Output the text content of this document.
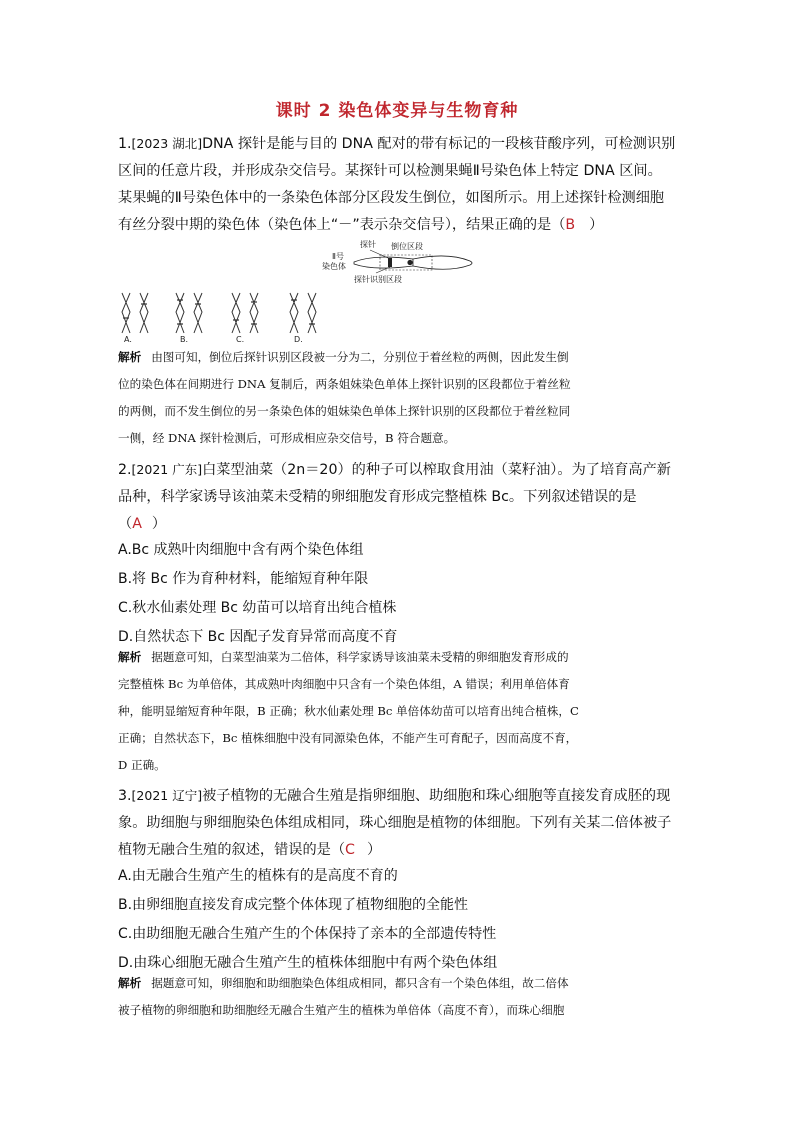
课时 2 染色体变异与生物育种
1.[2023 湖北]DNA 探针是能与目的 DNA 配对的带有标记的一段核苷酸序列，可检测识别
区间的任意片段，并形成杂交信号。某探针可以检测果蝇Ⅱ号染色体上特定 DNA 区间。
某果蝇的Ⅱ号染色体中的一条染色体部分区段发生倒位，如图所示。用上述探针检测细胞
有丝分裂中期的染色体（染色体上“－”表示杂交信号），结果正确的是（B ）
Ⅱ号
染色体
探针 倒位区段
探针识别区段
A.	B.	C.	D.
解析 由图可知，倒位后探针识别区段被一分为二，分别位于着丝粒的两侧，因此发生倒
位的染色体在间期进行 DNA 复制后，两条姐妹染色单体上探针识别的区段都位于着丝粒
的两侧，而不发生倒位的另一条染色体的姐妹染色单体上探针识别的区段都位于着丝粒同
一侧，经 DNA 探针检测后，可形成相应杂交信号，B 符合题意。
2.[2021 广东]白菜型油菜（2n＝20）的种子可以榨取食用油（菜籽油）。为了培育高产新
品种，科学家诱导该油菜未受精的卵细胞发育形成完整植株 Bc。下列叙述错误的是
（A ）
A.Bc 成熟叶肉细胞中含有两个染色体组
B.将 Bc 作为育种材料，能缩短育种年限
C.秋水仙素处理 Bc 幼苗可以培育出纯合植株
D.自然状态下 Bc 因配子发育异常而高度不育
解析 据题意可知，白菜型油菜为二倍体，科学家诱导该油菜未受精的卵细胞发育形成的
完整植株 Bc 为单倍体，其成熟叶肉细胞中只含有一个染色体组，A 错误；利用单倍体育
种，能明显缩短育种年限，B 正确；秋水仙素处理 Bc 单倍体幼苗可以培育出纯合植株，C
正确；自然状态下，Bc 植株细胞中没有同源染色体，不能产生可育配子，因而高度不育，
D 正确。
3.[2021 辽宁]被子植物的无融合生殖是指卵细胞、助细胞和珠心细胞等直接发育成胚的现
象。助细胞与卵细胞染色体组成相同，珠心细胞是植物的体细胞。下列有关某二倍体被子
植物无融合生殖的叙述，错误的是（C ）
A.由无融合生殖产生的植株有的是高度不育的
B.由卵细胞直接发育成完整个体体现了植物细胞的全能性
C.由助细胞无融合生殖产生的个体保持了亲本的全部遗传特性
D.由珠心细胞无融合生殖产生的植株体细胞中有两个染色体组
解析 据题意可知，卵细胞和助细胞染色体组成相同，都只含有一个染色体组，故二倍体
被子植物的卵细胞和助细胞经无融合生殖产生的植株为单倍体（高度不育），而珠心细胞
